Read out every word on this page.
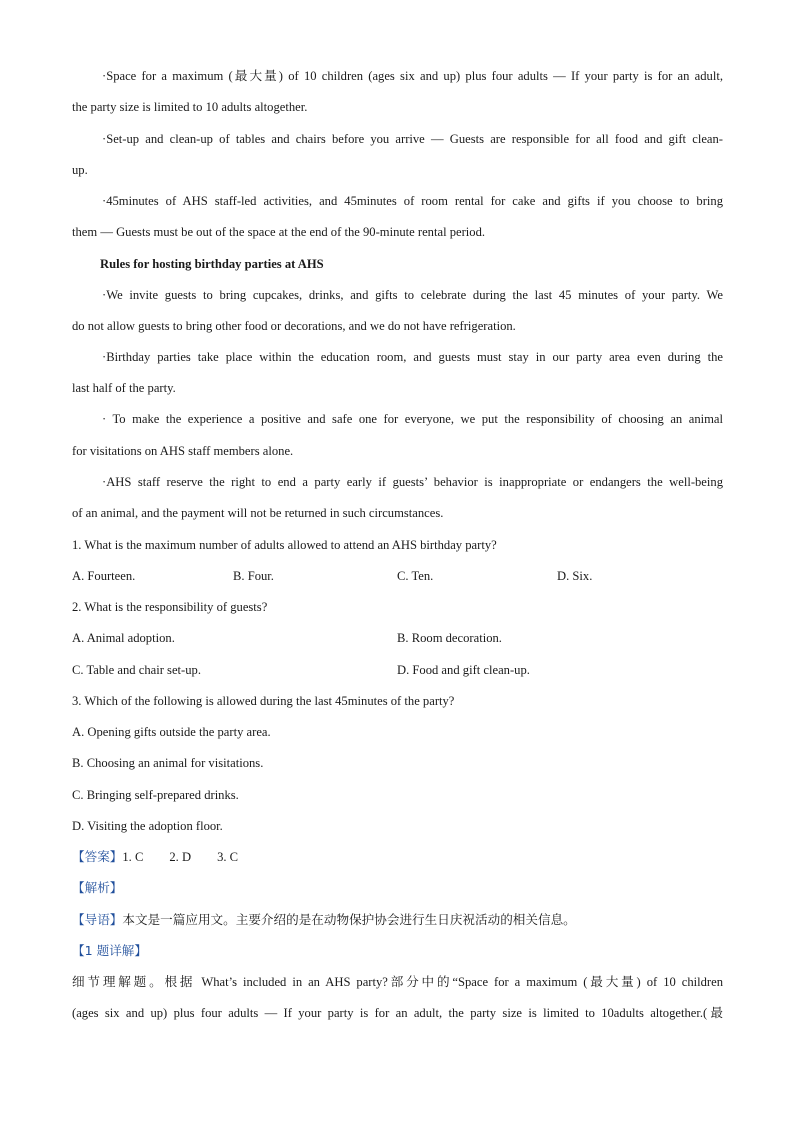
·Space for a maximum (最大量) of 10 children (ages six and up) plus four adults — If your party is for an adult,
the party size is limited to 10 adults altogether.
·Set-up and clean-up of tables and chairs before you arrive — Guests are responsible for all food and gift clean-
up.
·45minutes of AHS staff-led activities, and 45minutes of room rental for cake and gifts if you choose to bring
them — Guests must be out of the space at the end of the 90-minute rental period.
Rules for hosting birthday parties at AHS
·We invite guests to bring cupcakes, drinks, and gifts to celebrate during the last 45 minutes of your party. We
do not allow guests to bring other food or decorations, and we do not have refrigeration.
·Birthday parties take place within the education room, and guests must stay in our party area even during the
last half of the party.
· To make the experience a positive and safe one for everyone, we put the responsibility of choosing an animal
for visitations on AHS staff members alone.
·AHS staff reserve the right to end a party early if guests’ behavior is inappropriate or endangers the well-being
of an animal, and the payment will not be returned in such circumstances.
1. What is the maximum number of adults allowed to attend an AHS birthday party?
A. Fourteen.	B. Four.	C. Ten.	D. Six.
2. What is the responsibility of guests?
A. Animal adoption.	B. Room decoration.
C. Table and chair set-up.	D. Food and gift clean-up.
3. Which of the following is allowed during the last 45minutes of the party?
A. Opening gifts outside the party area.
B. Choosing an animal for visitations.
C. Bringing self-prepared drinks.
D. Visiting the adoption floor.
【答案】1. C 2. D 3. C
【解析】
【导语】本文是一篇应用文。主要介绍的是在动物保护协会进行生日庆祝活动的相关信息。
【1 题详解】
细节理解题。根据 What’s included in an AHS party?部分中的“Space for a maximum (最大量) of 10 children
(ages six and up) plus four adults — If your party is for an adult, the party size is limited to 10adults altogether.(最
